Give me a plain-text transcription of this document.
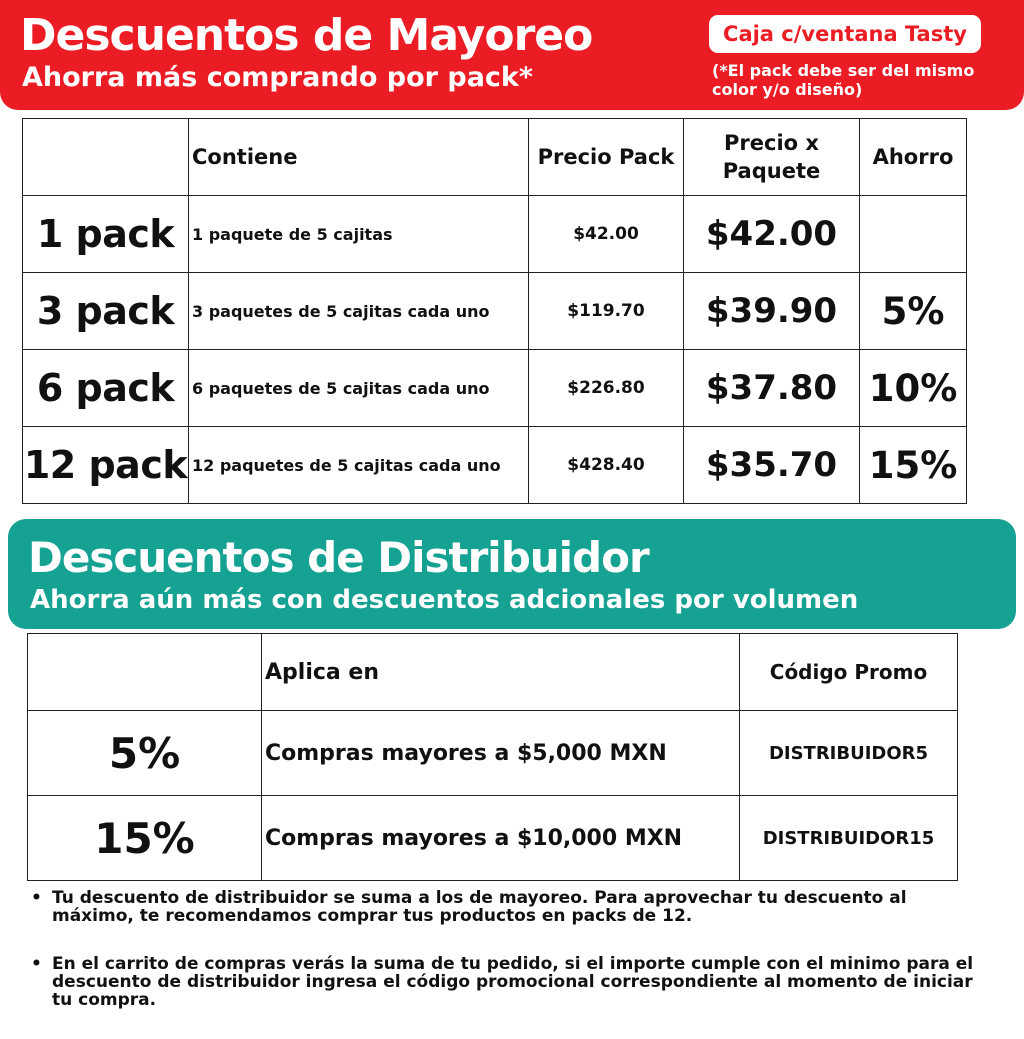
Descuentos de Mayoreo
Ahorra más comprando por pack*
Caja c/ventana Tasty
(*El pack debe ser del mismo color y/o diseño)
	Contiene	Precio Pack	Precio x Paquete	Ahorro
1 pack	1 paquete de 5 cajitas	$42.00	$42.00	
3 pack	3 paquetes de 5 cajitas cada uno	$119.70	$39.90	5%
6 pack	6 paquetes de 5 cajitas cada uno	$226.80	$37.80	10%
12 pack	12 paquetes de 5 cajitas cada uno	$428.40	$35.70	15%
Descuentos de Distribuidor
Ahorra aún más con descuentos adcionales por volumen
	Aplica en	Código Promo
5%	Compras mayores a $5,000 MXN	DISTRIBUIDOR5
15%	Compras mayores a $10,000 MXN	DISTRIBUIDOR15
• Tu descuento de distribuidor se suma a los de mayoreo. Para aprovechar tu descuento al máximo, te recomendamos comprar tus productos en packs de 12.
• En el carrito de compras verás la suma de tu pedido, si el importe cumple con el minimo para el descuento de distribuidor ingresa el código promocional correspondiente al momento de iniciar tu compra.
